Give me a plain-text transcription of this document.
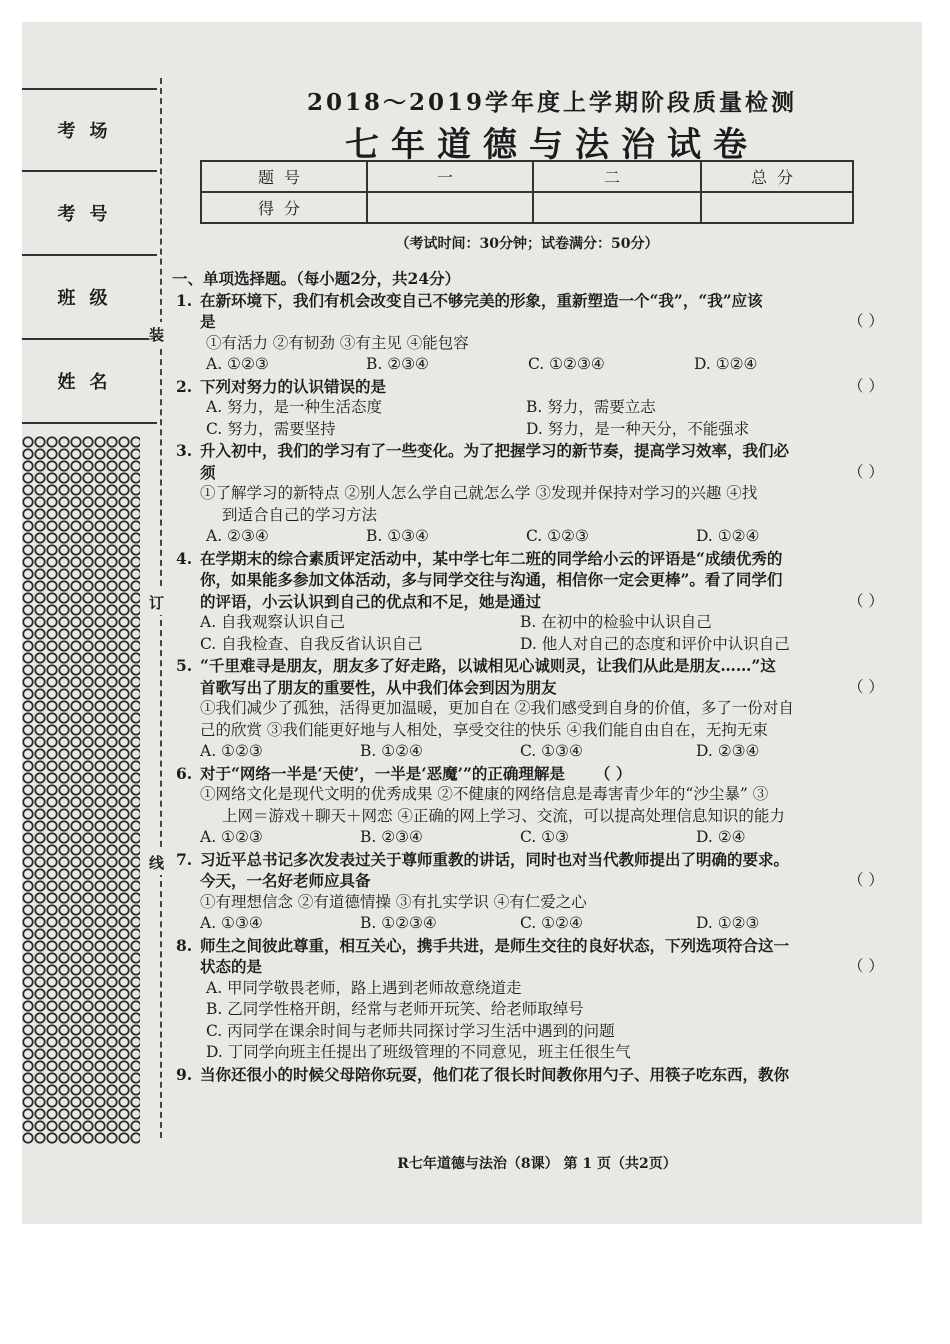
考场
考号
班级
姓名
装
订
线
2018～2019学年度上学期阶段质量检测
七年道德与法治试卷
题号	一	二	总分
得分			
（考试时间：30分钟；试卷满分：50分）
一、单项选择题。（每小题2分，共24分）
1. 在新环境下，我们有机会改变自己不够完美的形象，重新塑造一个“我”，“我”应该
（ ）
是
①有活力 ②有韧劲 ③有主见 ④能包容
A. ①②③	B. ②③④	C. ①②③④	D. ①②④
2.	（ ）
下列对努力的认识错误的是
A. 努力，是一种生活态度	B. 努力，需要立志
C. 努力，需要坚持	D. 努力，是一种天分，不能强求
3. 升入初中，我们的学习有了一些变化。为了把握学习的新节奏，提高学习效率，我们必
（ ）
须
①了解学习的新特点 ②别人怎么学自己就怎么学 ③发现并保持对学习的兴趣 ④找
到适合自己的学习方法
A. ②③④	B. ①③④	C. ①②③	D. ①②④
4. 在学期末的综合素质评定活动中，某中学七年二班的同学给小云的评语是“成绩优秀的
你，如果能多参加文体活动，多与同学交往与沟通，相信你一定会更棒”。看了同学们
（ ）
的评语，小云认识到自己的优点和不足，她是通过
A. 自我观察认识自己	B. 在初中的检验中认识自己
C. 自我检查、自我反省认识自己	D. 他人对自己的态度和评价中认识自己
5. “千里难寻是朋友，朋友多了好走路，以诚相见心诚则灵，让我们从此是朋友……”这
（ ）
首歌写出了朋友的重要性，从中我们体会到因为朋友
①我们减少了孤独，活得更加温暖，更加自在 ②我们感受到自身的价值，多了一份对自
己的欣赏 ③我们能更好地与人相处，享受交往的快乐 ④我们能自由自在，无拘无束
A. ①②③	B. ①②④	C. ①③④	D. ②③④
6. 对于“网络一半是‘天使’，一半是‘恶魔’”的正确理解是 （ ）
①网络文化是现代文明的优秀成果 ②不健康的网络信息是毒害青少年的“沙尘暴” ③
上网＝游戏＋聊天＋网恋 ④正确的网上学习、交流，可以提高处理信息知识的能力
A. ①②③	B. ②③④	C. ①③	D. ②④
7. 习近平总书记多次发表过关于尊师重教的讲话，同时也对当代教师提出了明确的要求。
（ ）
今天，一名好老师应具备
①有理想信念 ②有道德情操 ③有扎实学识 ④有仁爱之心
A. ①③④	B. ①②③④	C. ①②④	D. ①②③
8. 师生之间彼此尊重，相互关心，携手共进，是师生交往的良好状态，下列选项符合这一
（ ）
状态的是
A. 甲同学敬畏老师，路上遇到老师故意绕道走
B. 乙同学性格开朗，经常与老师开玩笑、给老师取绰号
C. 丙同学在课余时间与老师共同探讨学习生活中遇到的问题
D. 丁同学向班主任提出了班级管理的不同意见，班主任很生气
9. 当你还很小的时候父母陪你玩耍，他们花了很长时间教你用勺子、用筷子吃东西，教你
R七年道德与法治（8课） 第 1 页（共2页）
